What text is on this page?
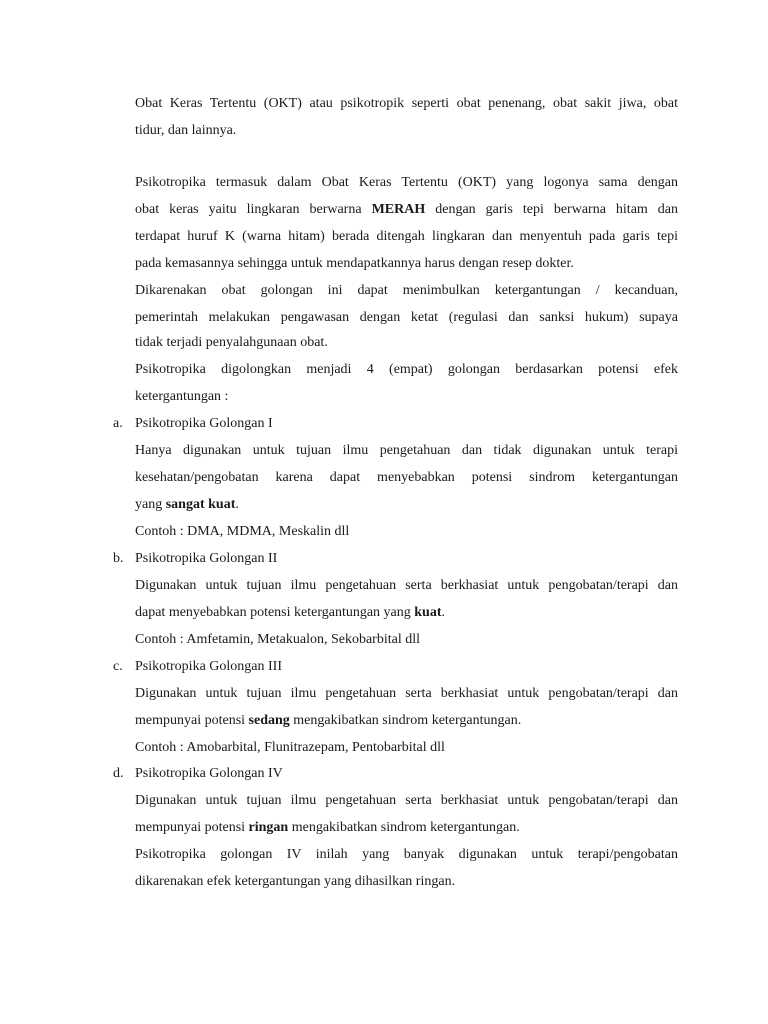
Obat Keras Tertentu (OKT) atau psikotropik seperti obat penenang, obat sakit jiwa, obat
tidur, dan lainnya.
Psikotropika termasuk dalam Obat Keras Tertentu (OKT) yang logonya sama dengan
obat keras yaitu lingkaran berwarna MERAH dengan garis tepi berwarna hitam dan
terdapat huruf K (warna hitam) berada ditengah lingkaran dan menyentuh pada garis tepi
pada kemasannya sehingga untuk mendapatkannya harus dengan resep dokter.
Dikarenakan obat golongan ini dapat menimbulkan ketergantungan / kecanduan,
pemerintah melakukan pengawasan dengan ketat (regulasi dan sanksi hukum) supaya
tidak terjadi penyalahgunaan obat.
Psikotropika digolongkan menjadi 4 (empat) golongan berdasarkan potensi efek
ketergantungan :
a. Psikotropika Golongan I
Hanya digunakan untuk tujuan ilmu pengetahuan dan tidak digunakan untuk terapi
kesehatan/pengobatan karena dapat menyebabkan potensi sindrom ketergantungan
yang sangat kuat.
Contoh : DMA, MDMA, Meskalin dll
b. Psikotropika Golongan II
Digunakan untuk tujuan ilmu pengetahuan serta berkhasiat untuk pengobatan/terapi dan
dapat menyebabkan potensi ketergantungan yang kuat.
Contoh : Amfetamin, Metakualon, Sekobarbital dll
c. Psikotropika Golongan III
Digunakan untuk tujuan ilmu pengetahuan serta berkhasiat untuk pengobatan/terapi dan
mempunyai potensi sedang mengakibatkan sindrom ketergantungan.
Contoh : Amobarbital, Flunitrazepam, Pentobarbital dll
d. Psikotropika Golongan IV
Digunakan untuk tujuan ilmu pengetahuan serta berkhasiat untuk pengobatan/terapi dan
mempunyai potensi ringan mengakibatkan sindrom ketergantungan.
Psikotropika golongan IV inilah yang banyak digunakan untuk terapi/pengobatan
dikarenakan efek ketergantungan yang dihasilkan ringan.
